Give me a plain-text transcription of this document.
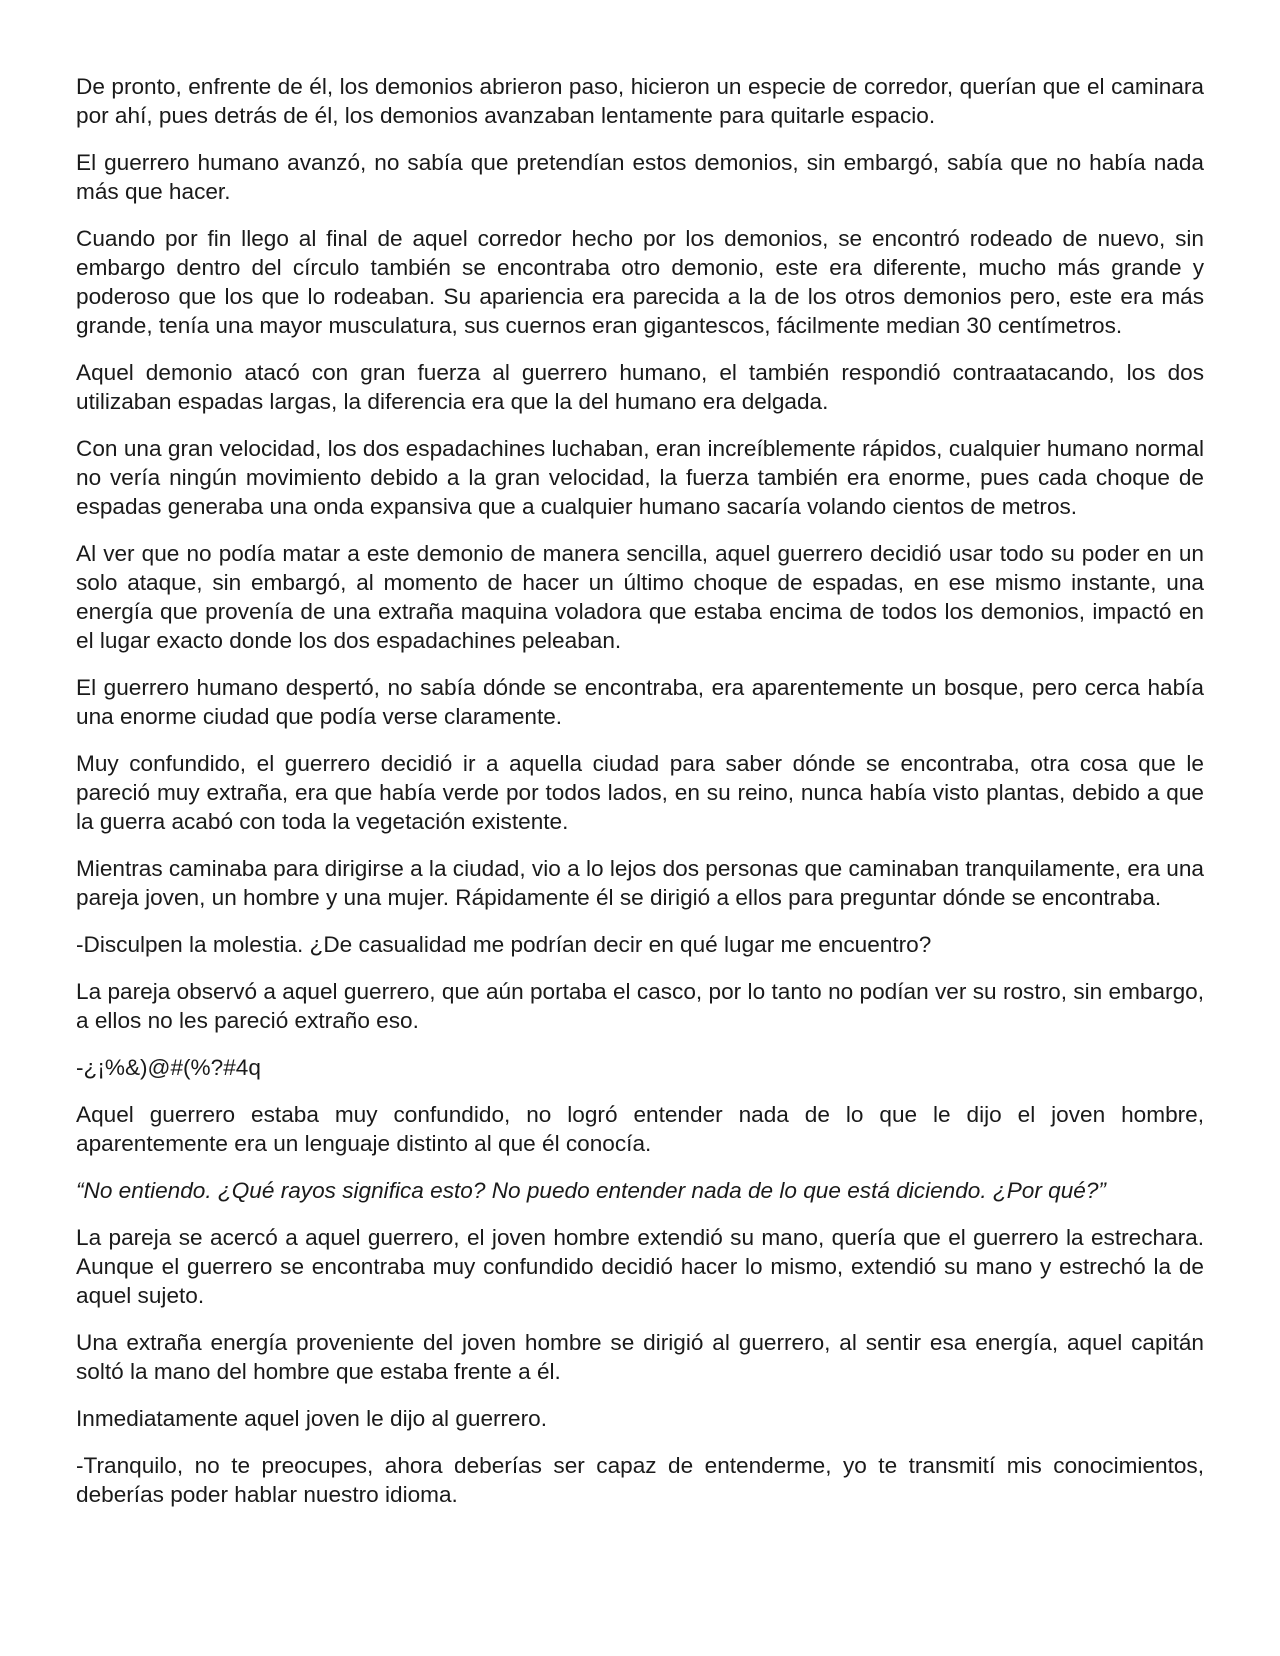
De pronto, enfrente de él, los demonios abrieron paso, hicieron un especie de corredor, querían que el caminara por ahí, pues detrás de él, los demonios avanzaban lentamente para quitarle espacio.

El guerrero humano avanzó, no sabía que pretendían estos demonios, sin embargó, sabía que no había nada más que hacer.

Cuando por fin llego al final de aquel corredor hecho por los demonios, se encontró rodeado de nuevo, sin embargo dentro del círculo también se encontraba otro demonio, este era diferente, mucho más grande y poderoso que los que lo rodeaban. Su apariencia era parecida a la de los otros demonios pero, este era más grande, tenía una mayor musculatura, sus cuernos eran gigantescos, fácilmente median 30 centímetros.

Aquel demonio atacó con gran fuerza al guerrero humano, el también respondió contraatacando, los dos utilizaban espadas largas, la diferencia era que la del humano era delgada.

Con una gran velocidad, los dos espadachines luchaban, eran increíblemente rápidos, cualquier humano normal no vería ningún movimiento debido a la gran velocidad, la fuerza también era enorme, pues cada choque de espadas generaba una onda expansiva que a cualquier humano sacaría volando cientos de metros.

Al ver que no podía matar a este demonio de manera sencilla, aquel guerrero decidió usar todo su poder en un solo ataque, sin embargó, al momento de hacer un último choque de espadas, en ese mismo instante, una energía que provenía de una extraña maquina voladora que estaba encima de todos los demonios, impactó en el lugar exacto donde los dos espadachines peleaban.

El guerrero humano despertó, no sabía dónde se encontraba, era aparentemente un bosque, pero cerca había una enorme ciudad que podía verse claramente.

Muy confundido, el guerrero decidió ir a aquella ciudad para saber dónde se encontraba, otra cosa que le pareció muy extraña, era que había verde por todos lados, en su reino, nunca había visto plantas, debido a que la guerra acabó con toda la vegetación existente.

Mientras caminaba para dirigirse a la ciudad, vio a lo lejos dos personas que caminaban tranquilamente, era una pareja joven, un hombre y una mujer. Rápidamente él se dirigió a ellos para preguntar dónde se encontraba.

-Disculpen la molestia. ¿De casualidad me podrían decir en qué lugar me encuentro?

La pareja observó a aquel guerrero, que aún portaba el casco, por lo tanto no podían ver su rostro, sin embargo, a ellos no les pareció extraño eso.

-¿¡%&)@#(%?#4q

Aquel guerrero estaba muy confundido, no logró entender nada de lo que le dijo el joven hombre, aparentemente era un lenguaje distinto al que él conocía.

“No entiendo. ¿Qué rayos significa esto? No puedo entender nada de lo que está diciendo. ¿Por qué?”

La pareja se acercó a aquel guerrero, el joven hombre extendió su mano, quería que el guerrero la estrechara. Aunque el guerrero se encontraba muy confundido decidió hacer lo mismo, extendió su mano y estrechó la de aquel sujeto.

Una extraña energía proveniente del joven hombre se dirigió al guerrero, al sentir esa energía, aquel capitán soltó la mano del hombre que estaba frente a él.

Inmediatamente aquel joven le dijo al guerrero.

-Tranquilo, no te preocupes, ahora deberías ser capaz de entenderme, yo te transmití mis conocimientos, deberías poder hablar nuestro idioma.
